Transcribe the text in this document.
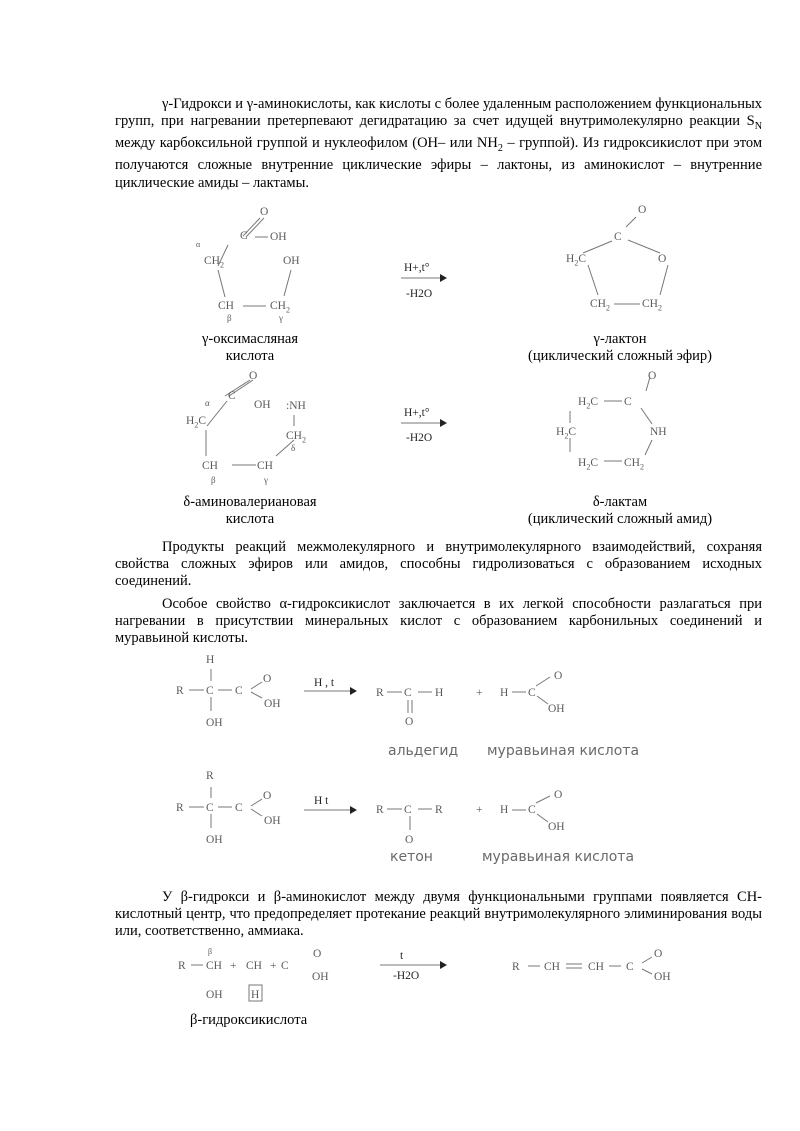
γ-Гидрокси и γ-аминокислоты, как кислоты с более удаленным расположением функциональных групп, при нагревании претерпевают дегидратацию за счет идущей внутримолекулярно реакции $S_N$ между карбоксильной группой и нуклеофилом (OH– или $NH_2$ – группой). Из гидроксикислот при этом получаются сложные внутренние циклические эфиры – лактоны, из аминокислот – внутренние циклические амиды – лактамы.

O
C OH
α
$CH_2$	OH
CH	$CH_2$
β	γ
H+,t°
-H2O
O
C
$H_2C$	O
$CH_2$	$CH_2$
γ-оксимасляная
кислота
γ-лактон
(циклический сложный эфир)
O
C
α	OH :NH
$H_2C$
$CH_2$
δ
CH	CH
β	γ
H+,t°
-H2O
O
$H_2C$ C
$H_2C$	NH
$H_2C$ $CH_2$
δ-аминовалериановая
кислота
δ-лактам
(циклический сложный амид)

Продукты реакций межмолекулярного и внутримолекулярного взаимодействий, сохраняя свойства сложных эфиров или амидов, способны гидролизоваться с образованием исходных соединений.

Особое свойство α-гидроксикислот заключается в их легкой способности разлагаться при нагревании в присутствии минеральных кислот с образованием карбонильных соединений и муравьиной кислоты.

H
R C C
O
OH
OH
H , t
R C H
O
+ H C
O
OH
альдегид муравьиная кислота
R
R C C
O
OH
OH
H t
R C R
O
+ H C
O
OH
кетон	муравьиная кислота

У β-гидрокси и β-аминокислот между двумя функциональными группами появляется СН-кислотный центр, что предопределяет протекание реакций внутримолекулярного элиминирования воды или, соответственно, аммиака.

β
R CH + CH + C
O
OH
OH H
t
-H2O
R CH CH C
O
OH
β-гидроксикислота
